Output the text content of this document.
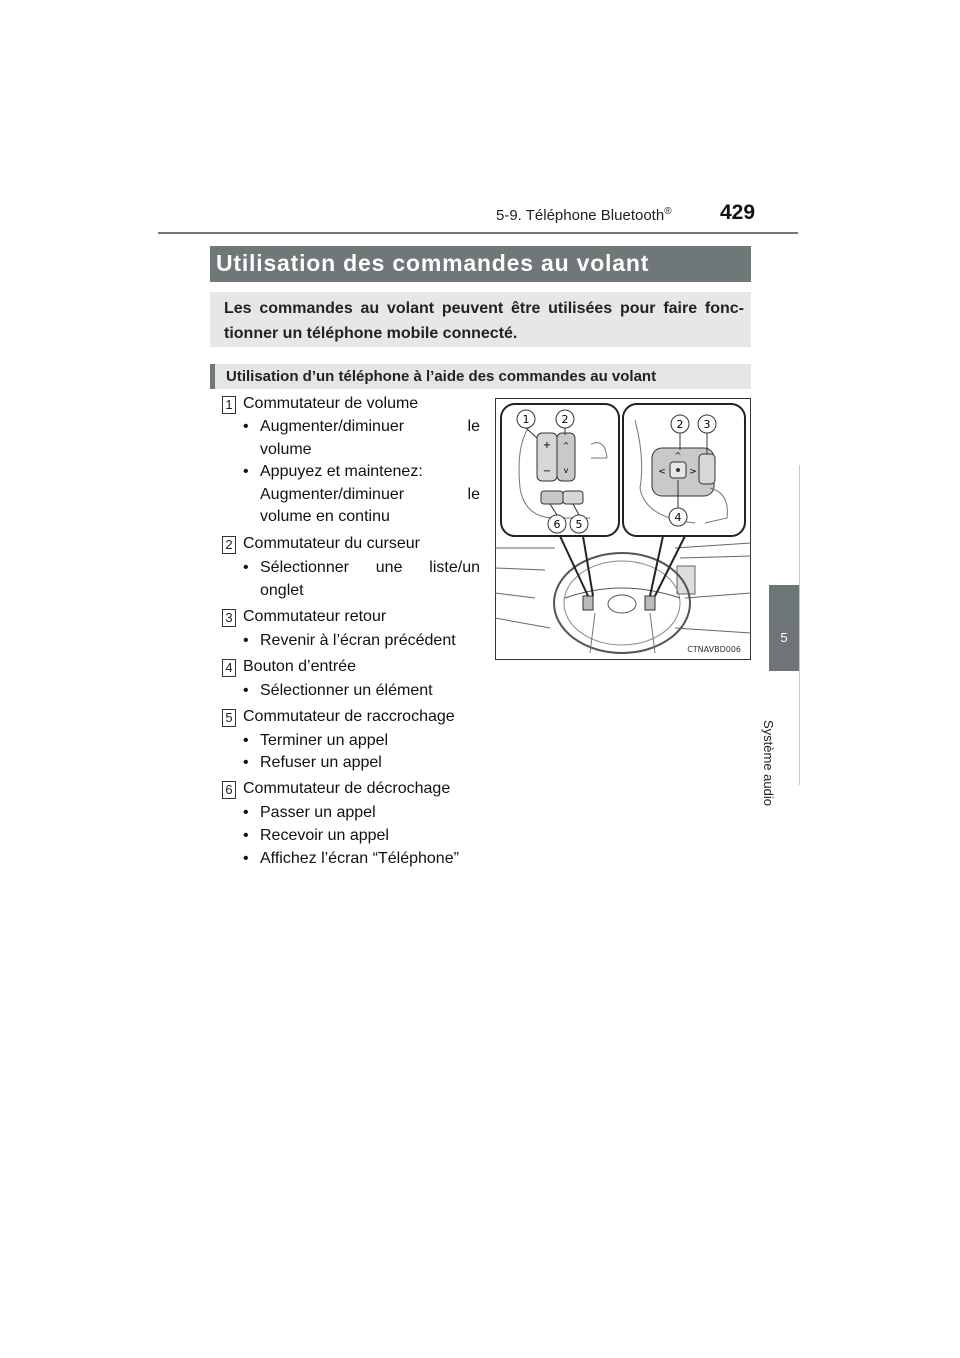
5-9. Téléphone Bluetooth® 429
5
Système audio
Utilisation des commandes au volant
Les commandes au volant peuvent être utilisées pour faire fonc-
tionner un téléphone mobile connecté.
Utilisation d’un téléphone à l’aide des commandes au volant
1 Commutateur de volume
• Augmenter/diminuer le
volume
• Appuyez et maintenez:
Augmenter/diminuer le
volume en continu
2 Commutateur du curseur
• Sélectionner une liste/un
onglet
3 Commutateur retour
• Revenir à l’écran précédent
4 Bouton d’entrée
• Sélectionner un élément
5 Commutateur de raccrochage
• Terminer un appel
• Refuser un appel
6 Commutateur de décrochage
• Passer un appel
• Recevoir un appel
• Affichez l’écran “Téléphone”
+
−
^
v
^
<	>
1	2	2 3
4
5
6
CTNAVBD006
